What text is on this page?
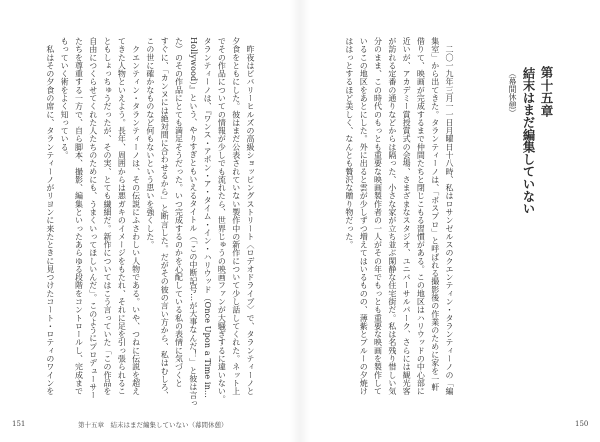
第十五章
結末はまだ編集していない
（幕間休憩）
　二〇一九年三月一一日月曜日十八時、私はロサンゼルスのクエンティン・タランティーノの「編
集室」から出てきた。タランティーノは、「ボスプロ」と呼ばれる撮影後の作業のために家を一軒
借りて、映画が完成するまで仲間たちと閉じこもる習慣がある。この地区はハリウッドの中心部に
近いが、アカデミー賞授賞式の会場、さまざまなスタジオ、ユニバーサルパーク、さらには観光客
が訪れる定番の通りなどからは隔った、小さな家が立ち並ぶ閑静な住宅街だ。私は名残り惜しい気
分のまま、この時代のもっとも重要な映画製作者の一人がその年でもっとも重要な映画を製作して
いるこの地区をあとにした。外に出ると雲が少しずつ増えてはいるものの、薄紫とブルーの夕焼け
ははっとするほど美しく、なんとも贅沢な贈り物だった。
150
　昨夜はビバリーヒルズの高級ショッピングストリート〈ロデオドライブ〉で、タランティーノと
夕食をともにした。彼はまだ公表されていない製作中の新作について少し話してくれた。ネット上
でその作品についての情報が少しでも流れたら、世界じゅうの映画ファンが大騒ぎするに違いない。
タランティーノは、『ワンス・アポン・ア・タイム・イン・ハリウッド（Once Upon a Time in…
Hollywood）』という、やりすぎともいえるタイトル（「この中断記号…が大事なんだ！」と彼は言っ
た）のその作品にとても満足そうだった。いつ完成するのかを心配している私の表情に気づくと
すぐに、「カンヌには絶対間に合わせるから」と断言した。だがその彼の言い方から、私はむしろ、
この世に確かなものなど何もないという思いを強くした。
　クエンティン・タランティーノは、その伝説にふさわしい人物である。いや、つねに伝説を超え
てきた人物といえよう。長年、周囲からは悪ガキのイメージをもたれ、それに足を引っ張られるこ
ともしょっちゅうだったが、その実、とても繊細だ。新作についてはこう言っていた「この作品を
自由につくらせてくれた人たちのためにも、うまくいってほしいんだ」。このようにプロデューサー
たちを尊重する一方で、自ら脚本、撮影、編集といったあらゆる段階をコントロールし、完成まで
もっていく術をよく知っている。
　私はその夕食の席に、タランティーノがリヨンに来たときに見つけたコート・ロティのワインを
151	第十五章　結末はまだ編集していない（幕間休憩）
